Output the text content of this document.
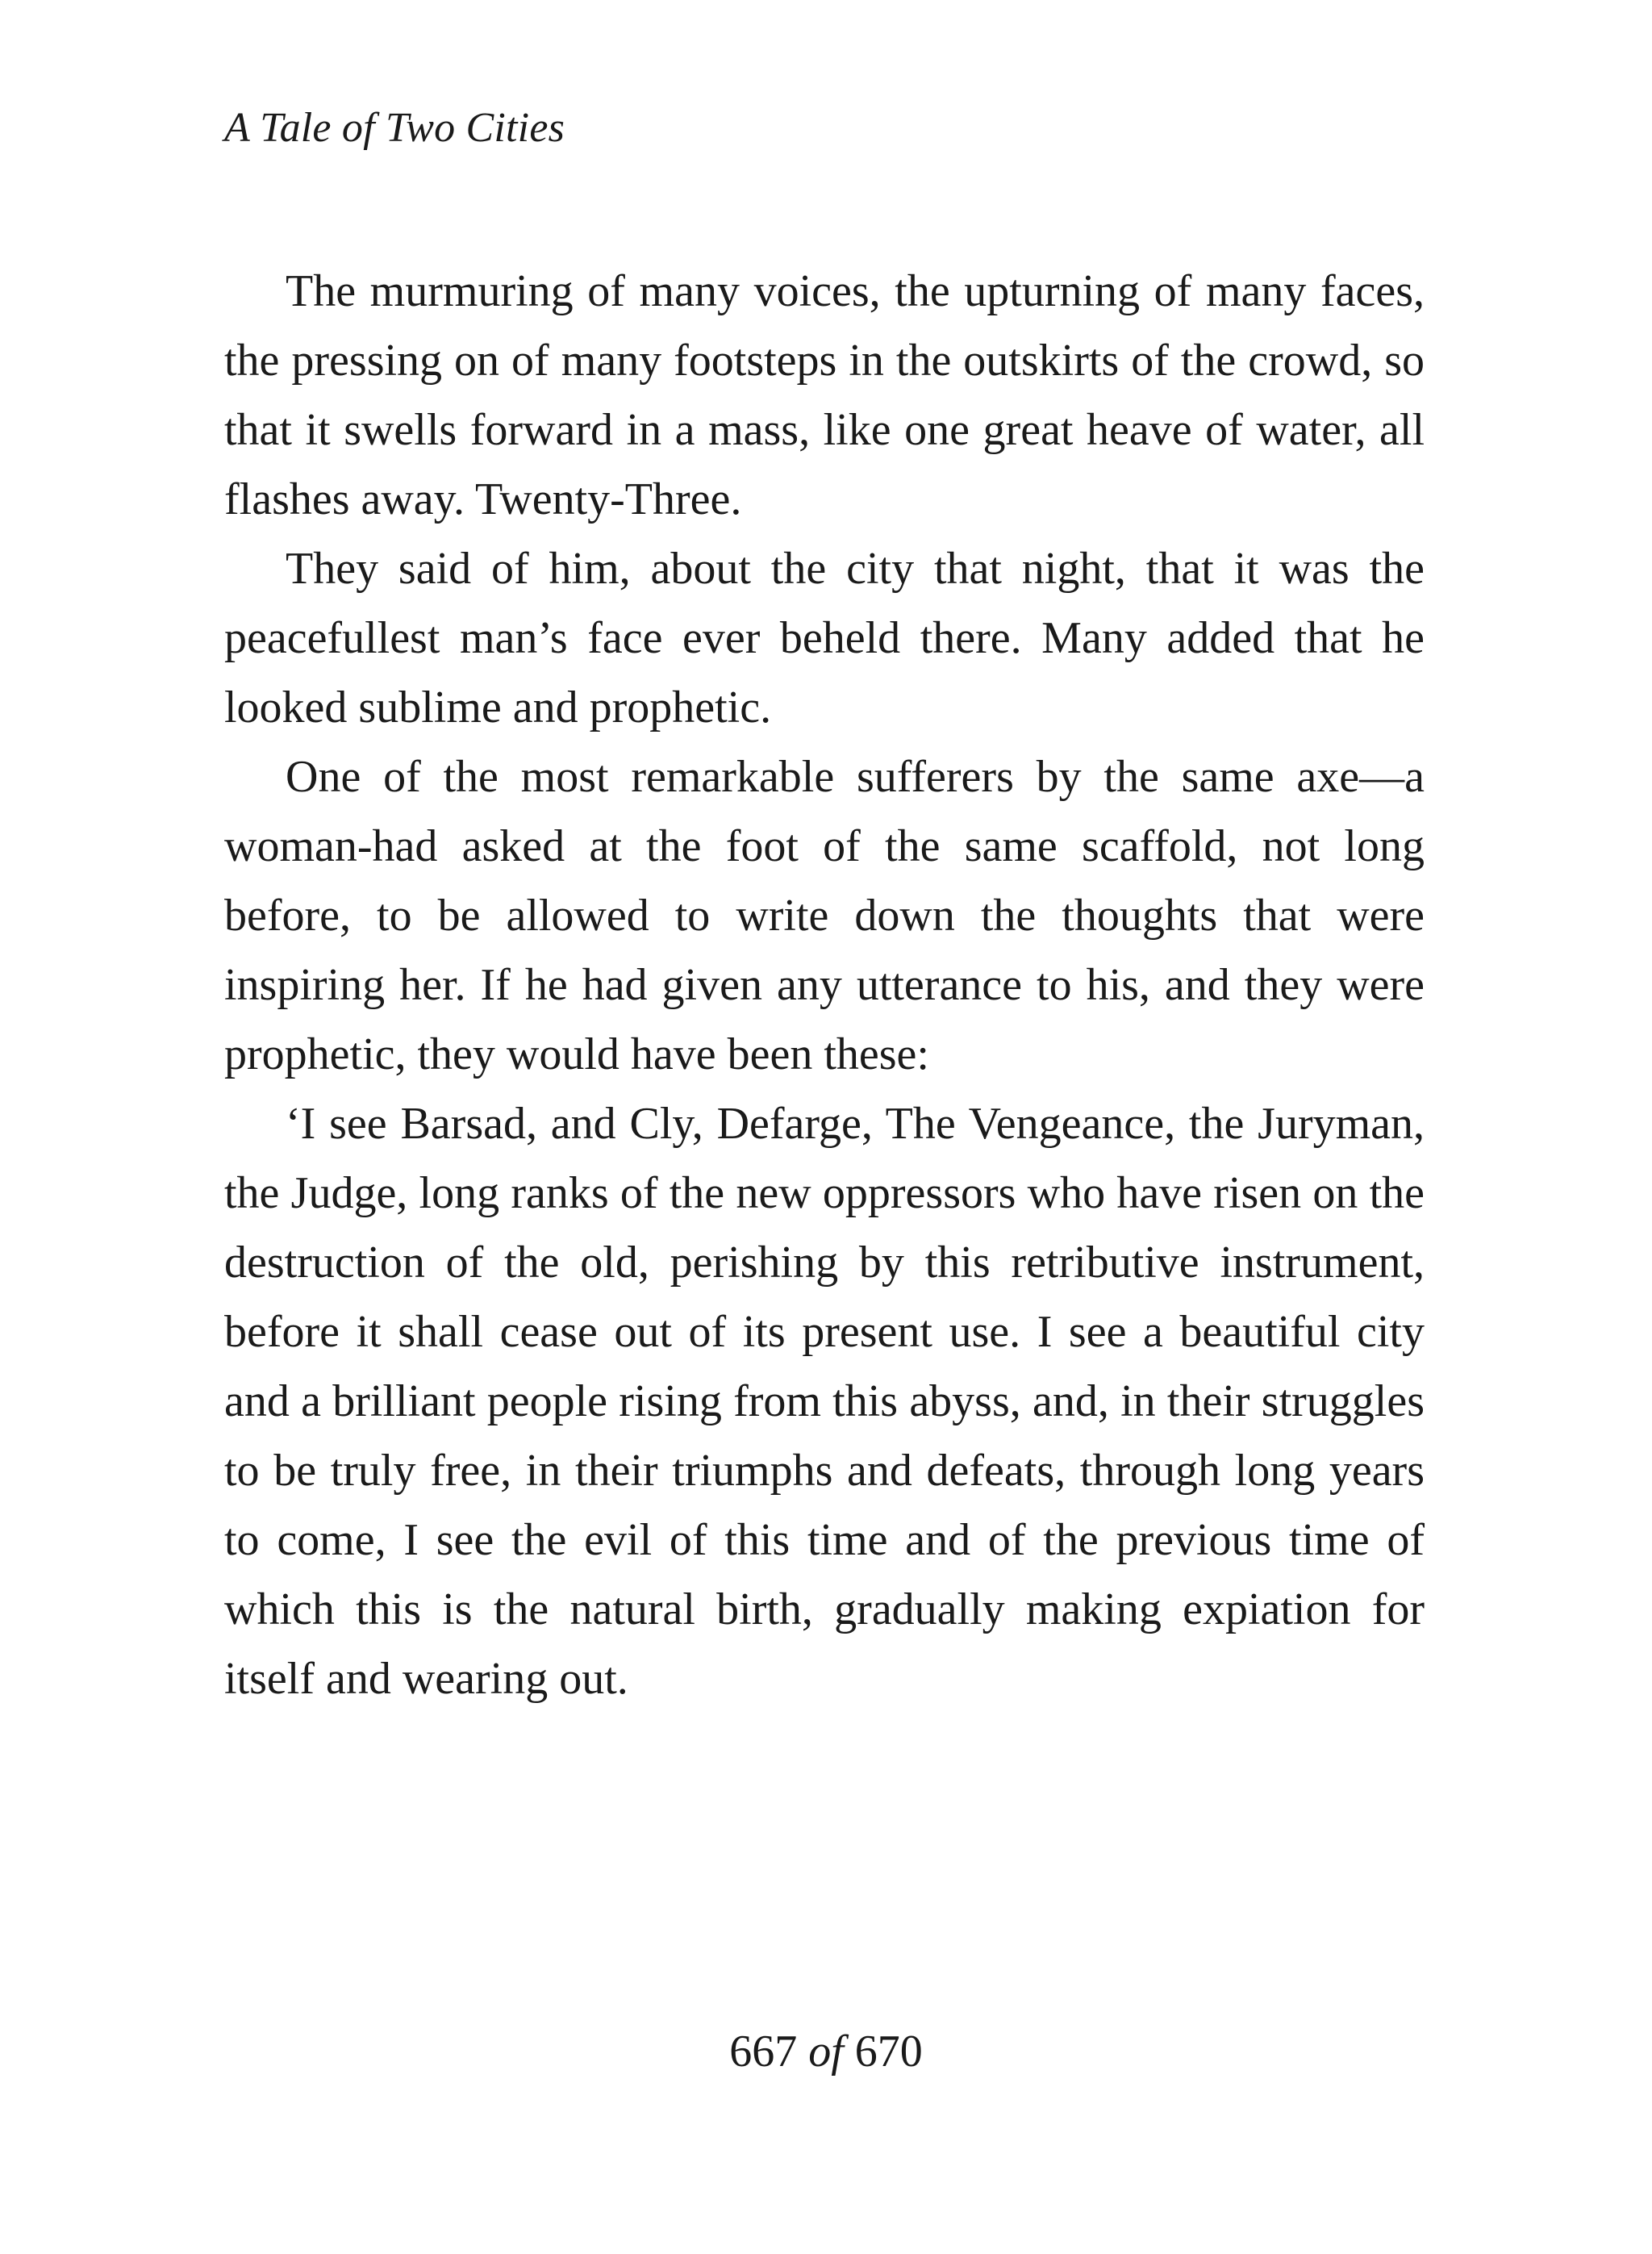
A Tale of Two Cities

The murmuring of many voices, the upturning of many faces, the pressing on of many footsteps in the outskirts of the crowd, so that it swells forward in a mass, like one great heave of water, all flashes away. Twenty-Three.

They said of him, about the city that night, that it was the peacefullest man’s face ever beheld there. Many added that he looked sublime and prophetic.

One of the most remarkable sufferers by the same axe—a woman-had asked at the foot of the same scaffold, not long before, to be allowed to write down the thoughts that were inspiring her. If he had given any utterance to his, and they were prophetic, they would have been these:

‘I see Barsad, and Cly, Defarge, The Vengeance, the Juryman, the Judge, long ranks of the new oppressors who have risen on the destruction of the old, perishing by this retributive instrument, before it shall cease out of its present use. I see a beautiful city and a brilliant people rising from this abyss, and, in their struggles to be truly free, in their triumphs and defeats, through long years to come, I see the evil of this time and of the previous time of which this is the natural birth, gradually making expiation for itself and wearing out.

667 of 670
